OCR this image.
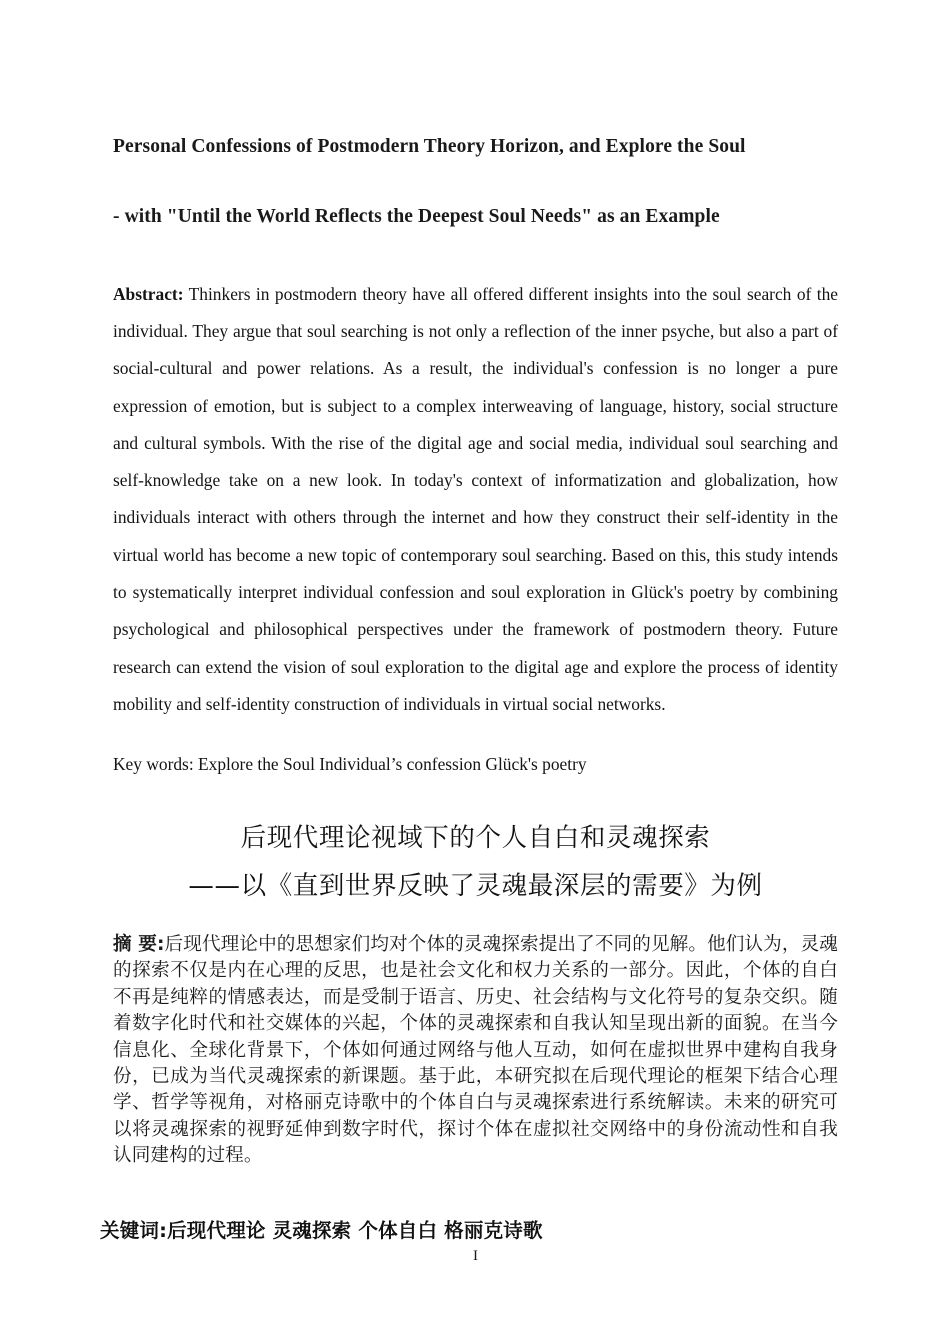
Personal Confessions of Postmodern Theory Horizon, and Explore the Soul
- with "Until the World Reflects the Deepest Soul Needs" as an Example
Abstract: Thinkers in postmodern theory have all offered different insights into the soul search of the individual. They argue that soul searching is not only a reflection of the inner psyche, but also a part of social-cultural and power relations. As a result, the individual's confession is no longer a pure expression of emotion, but is subject to a complex interweaving of language, history, social structure and cultural symbols. With the rise of the digital age and social media, individual soul searching and self-knowledge take on a new look. In today's context of informatization and globalization, how individuals interact with others through the internet and how they construct their self-identity in the virtual world has become a new topic of contemporary soul searching. Based on this, this study intends to systematically interpret individual confession and soul exploration in Glück's poetry by combining psychological and philosophical perspectives under the framework of postmodern theory. Future research can extend the vision of soul exploration to the digital age and explore the process of identity mobility and self-identity construction of individuals in virtual social networks.
Key words: Explore the Soul Individual’s confession Glück's poetry
后现代理论视域下的个人自白和灵魂探索
——以《直到世界反映了灵魂最深层的需要》为例
摘 要:后现代理论中的思想家们均对个体的灵魂探索提出了不同的见解。他们认为，灵魂的探索不仅是内在心理的反思，也是社会文化和权力关系的一部分。因此，个体的自白不再是纯粹的情感表达，而是受制于语言、历史、社会结构与文化符号的复杂交织。随着数字化时代和社交媒体的兴起，个体的灵魂探索和自我认知呈现出新的面貌。在当今信息化、全球化背景下，个体如何通过网络与他人互动，如何在虚拟世界中建构自我身份，已成为当代灵魂探索的新课题。基于此，本研究拟在后现代理论的框架下结合心理学、哲学等视角，对格丽克诗歌中的个体自白与灵魂探索进行系统解读。未来的研究可以将灵魂探索的视野延伸到数字时代，探讨个体在虚拟社交网络中的身份流动性和自我认同建构的过程。
关键词:后现代理论 灵魂探索 个体自白 格丽克诗歌
I
